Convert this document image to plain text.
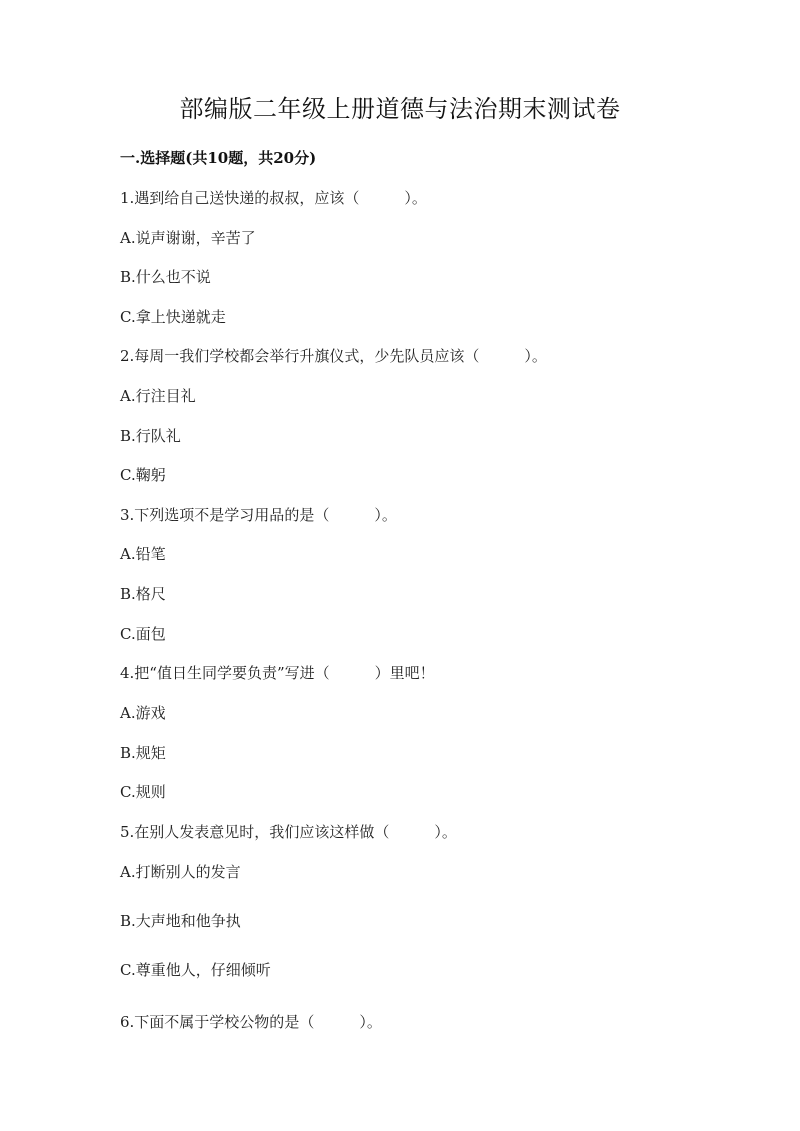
部编版二年级上册道德与法治期末测试卷
一.选择题(共10题，共20分)
1.遇到给自己送快递的叔叔，应该（　　　）。
A.说声谢谢，辛苦了
B.什么也不说
C.拿上快递就走
2.每周一我们学校都会举行升旗仪式，少先队员应该（　　　）。
A.行注目礼
B.行队礼
C.鞠躬
3.下列选项不是学习用品的是（　　　）。
A.铅笔
B.格尺
C.面包
4.把“值日生同学要负责”写进（　　　）里吧！
A.游戏
B.规矩
C.规则
5.在别人发表意见时，我们应该这样做（　　　）。
A.打断别人的发言
B.大声地和他争执
C.尊重他人，仔细倾听
6.下面不属于学校公物的是（　　　）。
